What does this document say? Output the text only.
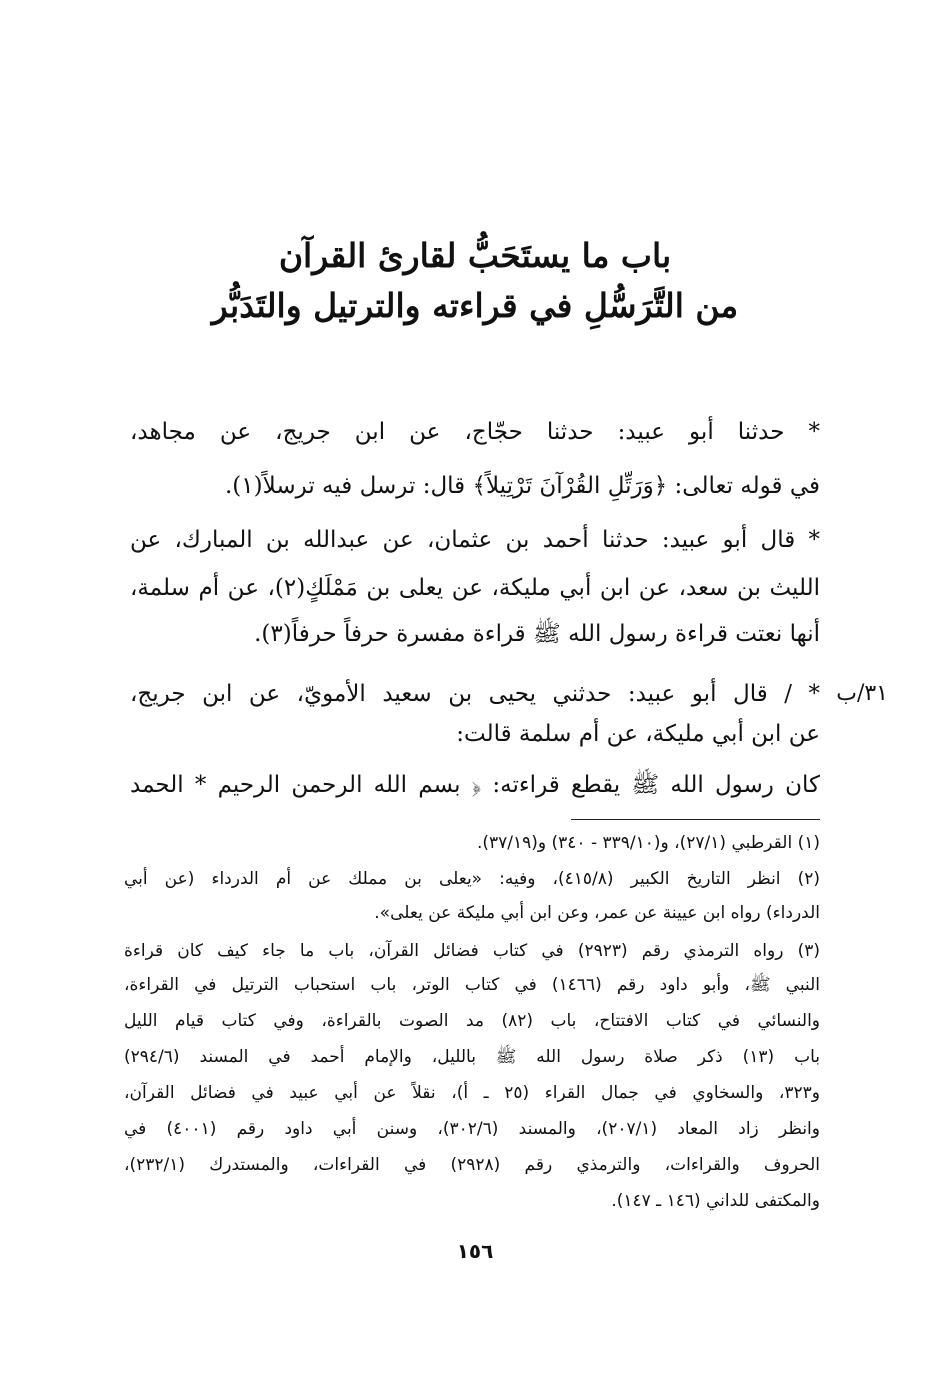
باب ما يستَحَبُّ لقارئ القرآن
من التَّرَسُّلِ في قراءته والترتيل والتَدَبُّر
* حدثنا أبو عبيد: حدثنا حجّاج، عن ابن جريج، عن مجاهد،
في قوله تعالى: ﴿وَرَتِّلِ القُرْآنَ تَرْتِيلاً﴾ قال: ترسل فيه ترسلاً(١).
* قال أبو عبيد: حدثنا أحمد بن عثمان، عن عبدالله بن المبارك، عن
الليث بن سعد، عن ابن أبي مليكة، عن يعلى بن مَمْلَكٍ(٢)، عن أم سلمة،
أنها نعتت قراءة رسول الله ﷺ قراءة مفسرة حرفاً حرفاً(٣).
٣١/ب
* / قال أبو عبيد: حدثني يحيى بن سعيد الأمويّ، عن ابن جريج،
عن ابن أبي مليكة، عن أم سلمة قالت:
كان رسول الله ﷺ يقطع قراءته: ﴿ بسم الله الرحمن الرحيم * الحمد
(١) القرطبي (٢٧/١)، و(٣٣٩/١٠ - ٣٤٠) و(٣٧/١٩).
(٢) انظر التاريخ الكبير (٤١٥/٨)، وفيه: «يعلى بن مملك عن أم الدرداء (عن أبي
الدرداء) رواه ابن عيينة عن عمر، وعن ابن أبي مليكة عن يعلى».
(٣) رواه الترمذي رقم (٢٩٢٣) في كتاب فضائل القرآن، باب ما جاء كيف كان قراءة
النبي ﷺ، وأبو داود رقم (١٤٦٦) في كتاب الوتر، باب استحباب الترتيل في القراءة،
والنسائي في كتاب الافتتاح، باب (٨٢) مد الصوت بالقراءة، وفي كتاب قيام الليل
باب (١٣) ذكر صلاة رسول الله ﷺ بالليل، والإمام أحمد في المسند (٢٩٤/٦)
و٣٢٣، والسخاوي في جمال القراء (٢٥ ـ أ)، نقلاً عن أبي عبيد في فضائل القرآن،
وانظر زاد المعاد (٢٠٧/١)، والمسند (٣٠٢/٦)، وسنن أبي داود رقم (٤٠٠١) في
الحروف والقراءات، والترمذي رقم (٢٩٢٨) في القراءات، والمستدرك (٢٣٢/١)،
والمكتفى للداني (١٤٦ ـ ١٤٧).
١٥٦
